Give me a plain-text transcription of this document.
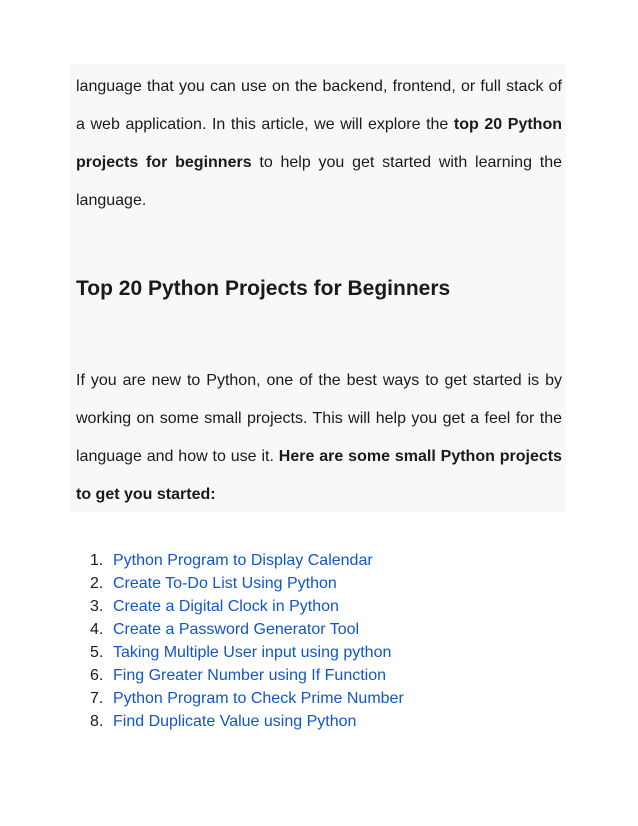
language that you can use on the backend, frontend, or full stack of a web application. In this article, we will explore the top 20 Python projects for beginners to help you get started with learning the language.

Top 20 Python Projects for Beginners

If you are new to Python, one of the best ways to get started is by working on some small projects. This will help you get a feel for the language and how to use it. Here are some small Python projects to get you started:

1. Python Program to Display Calendar
2. Create To-Do List Using Python
3. Create a Digital Clock in Python
4. Create a Password Generator Tool
5. Taking Multiple User input using python
6. Fing Greater Number using If Function
7. Python Program to Check Prime Number
8. Find Duplicate Value using Python
